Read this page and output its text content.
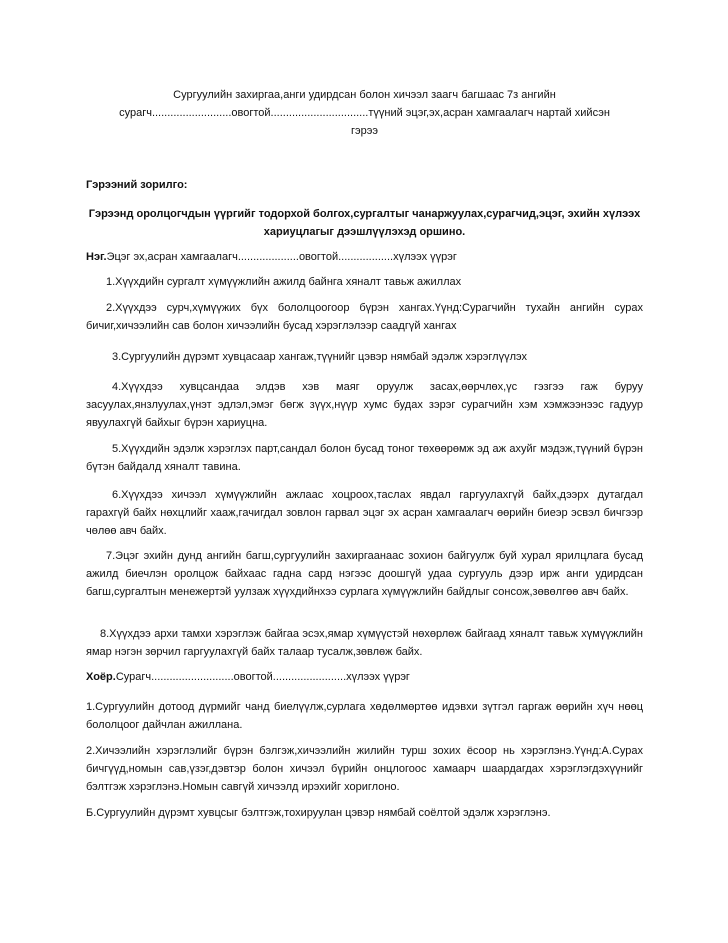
Сургуулийн захиргаа,анги удирдсан болон хичээл заагч багшаас 7з ангийн
сурагч..........................овогтой................................түүний эцэг,эх,асран хамгаалагч нартай хийсэн
гэрээ

Гэрээний зорилго:

Гэрээнд оролцогчдын үүргийг тодорхой болгох,сургалтыг чанаржуулах,сурагчид,эцэг, эхийн хүлээх хариуцлагыг дээшлүүлэхэд оршино.

Нэг.Эцэг эх,асран хамгаалагч....................овогтой..................хүлээх үүрэг

1.Хүүхдийн сургалт хүмүүжлийн ажилд байнга хяналт тавьж ажиллах

2.Хүүхдээ сурч,хүмүүжих бүх бололцоогоор бүрэн хангах.Үүнд:Сурагчийн тухайн ангийн сурах бичиг,хичээлийн сав болон хичээлийн бусад хэрэглэлээр саадгүй хангах

3.Сургуулийн дүрэмт хувцасаар хангаж,түүнийг цэвэр нямбай эдэлж хэрэглүүлэх

4.Хүүхдээ хувцсандаа элдэв хэв маяг оруулж засах,өөрчлөх,үс гэзгээ гаж буруу засуулах,янзлуулах,үнэт эдлэл,эмэг бөгж зүүх,нүүр хумс будах зэрэг сурагчийн хэм хэмжээнээс гадуур явуулахгүй байхыг бүрэн хариуцна.

5.Хүүхдийн эдэлж хэрэглэх парт,сандал болон бусад тоног төхөөрөмж эд аж ахуйг мэдэж,түүний бүрэн бүтэн байдалд хяналт тавина.

6.Хүүхдээ хичээл хүмүүжлийн ажлаас хоцроох,таслах явдал гаргуулахгүй байх,дээрх дутагдал гарахгүй байх нөхцлийг хааж,гачигдал зовлон гарвал эцэг эх асран хамгаалагч өөрийн биеэр эсвэл бичгээр чөлөө авч байх.

7.Эцэг эхийн дунд ангийн багш,сургуулийн захиргаанаас зохион байгуулж буй хурал ярилцлага бусад ажилд биечлэн оролцож байхаас гадна сард нэгээс доошгүй удаа сургууль дээр ирж анги удирдсан багш,сургалтын менежертэй уулзаж хүүхдийнхээ сурлага хүмүүжлийн байдлыг сонсож,зөвөлгөө авч байх.

8.Хүүхдээ архи тамхи хэрэглэж байгаа эсэх,ямар хүмүүстэй нөхөрлөж байгаад хяналт тавьж хүмүүжлийн ямар нэгэн зөрчил гаргуулахгүй байх талаар тусалж,зөвлөж байх.

Хоёр.Сурагч...........................овогтой........................хүлээх үүрэг

1.Сургуулийн дотоод дүрмийг чанд биелүүлж,сурлага хөдөлмөртөө идэвхи зүтгэл гаргаж өөрийн хүч нөөц бололцоог дайчлан ажиллана.

2.Хичээлийн хэрэглэлийг бүрэн бэлгэж,хичээлийн жилийн турш зохих ёсоор нь хэрэглэнэ.Үүнд:А.Сурах бичгүүд,номын сав,үзэг,дэвтэр болон хичээл бүрийн онцлогоос хамаарч шаардагдах хэрэглэгдэхүүнийг бэлтгэж хэрэглэнэ.Номын савгүй хичээлд ирэхийг хориглоно.

Б.Сургуулийн дүрэмт хувцсыг бэлтгэж,тохируулан цэвэр нямбай соёлтой эдэлж хэрэглэнэ.
